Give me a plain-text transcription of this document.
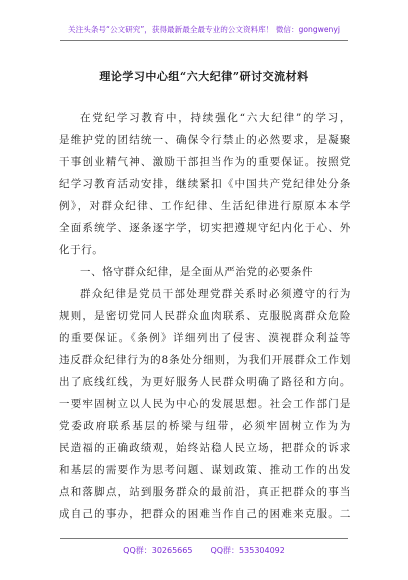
关注头条号“公文研究”，获得最新最全最专业的公文资料库！ 微信：gongwenyj
理论学习中心组“六大纪律”研讨交流材料
在党纪学习教育中，持续强化“六大纪律”的学习，
是维护党的团结统一、确保令行禁止的必然要求，是凝聚
干事创业精气神、激励干部担当作为的重要保证。按照党
纪学习教育活动安排，继续紧扣《中国共产党纪律处分条
例》，对群众纪律、工作纪律、生活纪律进行原原本本学
全面系统学、逐条逐字学，切实把遵规守纪内化于心、外
化于行。
一、恪守群众纪律，是全面从严治党的必要条件
群众纪律是党员干部处理党群关系时必须遵守的行为
规则，是密切党同人民群众血肉联系、克服脱离群众危险
的重要保证。《条例》详细列出了侵害、漠视群众利益等
违反群众纪律行为的8条处分细则，为我们开展群众工作划
出了底线红线，为更好服务人民群众明确了路径和方向。
一要牢固树立以人民为中心的发展思想。社会工作部门是
党委政府联系基层的桥梁与纽带，必须牢固树立作为为
民造福的正确政绩观，始终站稳人民立场，把群众的诉求
和基层的需要作为思考问题、谋划政策、推动工作的出发
点和落脚点，站到服务群众的最前沿，真正把群众的事当
成自己的事办，把群众的困难当作自己的困难来克服。二
QQ群：30265665 QQ群：535304092
